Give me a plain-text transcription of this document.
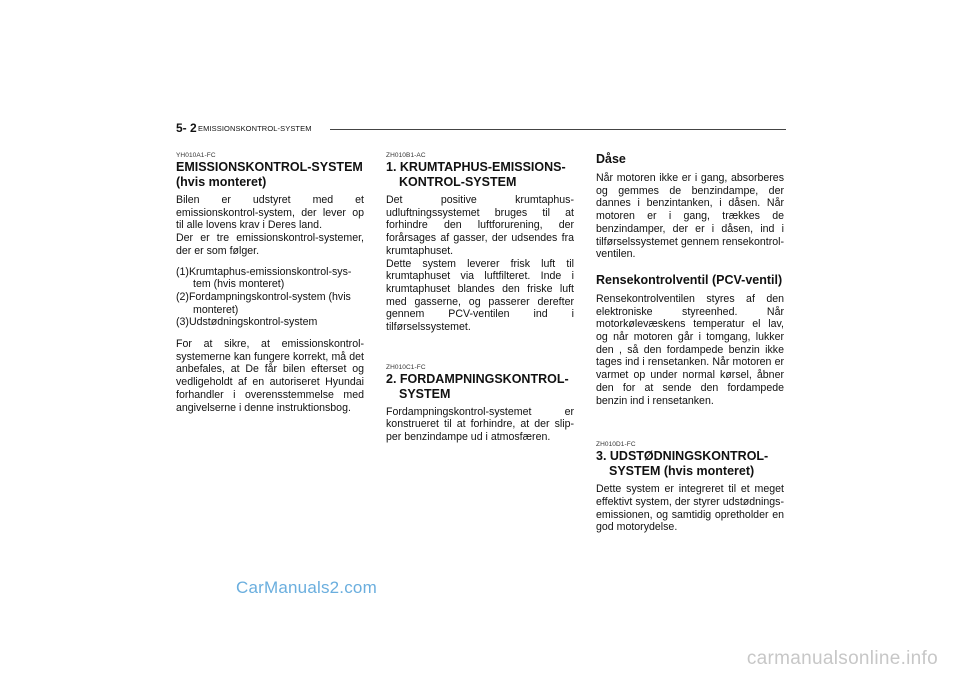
5- 2 EMISSIONSKONTROL-SYSTEM
YH010A1-FC
EMISSIONSKONTROL-SYSTEM (hvis monteret)

Bilen er udstyret med et emissionskontrol-system, der lever op til alle lovens krav i Deres land.

Der er tre emissionskontrol-systemer, der er som følger.

(1)Krumtaphus-emissionskontrol-sys-tem (hvis monteret)
(2)Fordampningskontrol-system (hvis monteret)
(3)Udstødningskontrol-system

For at sikre, at emissionskontrol-systemerne kan fungere korrekt, må det anbefales, at De får bilen efterset og vedligeholdt af en autoriseret Hyundai forhandler i overensstemmelse med angivelserne i denne instruktionsbog.

ZH010B1-AC
1. KRUMTAPHUS-EMISSIONS-KONTROL-SYSTEM

Det positive krumtaphus-udluftningssystemet bruges til at forhindre den luftforurening, der forårsages af gasser, der udsendes fra krumtaphuset.

Dette system leverer frisk luft til krumtaphuset via luftfilteret. Inde i krumtaphuset blandes den friske luft med gasserne, og passerer derefter gennem PCV-ventilen ind i tilførselssystemet.

ZH010C1-FC
2. FORDAMPNINGSKONTROL-SYSTEM

Fordampningskontrol-systemet er konstrueret til at forhindre, at der slip-per benzindampe ud i atmosfæren.

Dåse

Når motoren ikke er i gang, absorberes og gemmes de benzindampe, der dannes i benzintanken, i dåsen. Når motoren er i gang, trækkes de benzindamper, der er i dåsen, ind i tilførselssystemet gennem rensekontrol-ventilen.

Rensekontrolventil (PCV-ventil)

Rensekontrolventilen styres af den elektroniske styreenhed. Når motorkølevæskens temperatur el lav, og når motoren går i tomgang, lukker den , så den fordampede benzin ikke tages ind i rensetanken. Når motoren er varmet op under normal kørsel, åbner den for at sende den fordampede benzin ind i rensetanken.

ZH010D1-FC
3. UDSTØDNINGSKONTROL-SYSTEM (hvis monteret)

Dette system er integreret til et meget effektivt system, der styrer udstødnings-emissionen, og samtidig opretholder en god motorydelse.

CarManuals2.com
carmanualsonline.info
